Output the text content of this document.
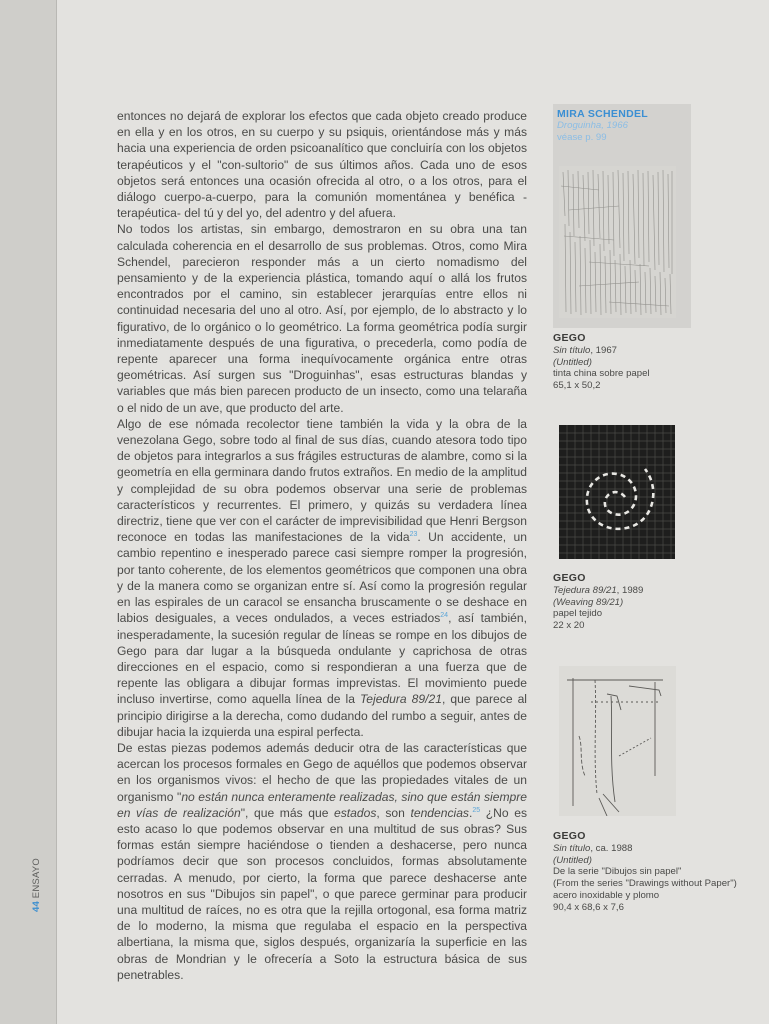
44 ENSAYO

entonces no dejará de explorar los efectos que cada objeto creado produce en ella y en los otros, en su cuerpo y su psiquis, orientándose más y más hacia una experiencia de orden psicoanalítico que concluiría con los objetos terapéuticos y el "con-sultorio" de sus últimos años. Cada uno de esos objetos será entonces una ocasión ofrecida al otro, o a los otros, para el diálogo cuerpo-a-cuerpo, para la comunión momentánea y benéfica -terapéutica- del tú y del yo, del adentro y del afuera.

No todos los artistas, sin embargo, demostraron en su obra una tan calculada coherencia en el desarrollo de sus problemas. Otros, como Mira Schendel, parecieron responder más a un cierto nomadismo del pensamiento y de la experiencia plástica, tomando aquí o allá los frutos encontrados por el camino, sin establecer jerarquías entre ellos ni continuidad necesaria del uno al otro. Así, por ejemplo, de lo abstracto y lo figurativo, de lo orgánico o lo geométrico. La forma geométrica podía surgir inmediatamente después de una figurativa, o precederla, como podía de repente aparecer una forma inequívocamente orgánica entre otras geométricas. Así surgen sus "Droguinhas", esas estructuras blandas y variables que más bien parecen producto de un insecto, como una telaraña o el nido de un ave, que producto del arte.

Algo de ese nómada recolector tiene también la vida y la obra de la venezolana Gego, sobre todo al final de sus días, cuando atesora todo tipo de objetos para integrarlos a sus frágiles estructuras de alambre, como si la geometría en ella germinara dando frutos extraños. En medio de la amplitud y complejidad de su obra podemos observar una serie de problemas característicos y recurrentes. El primero, y quizás su verdadera línea directriz, tiene que ver con el carácter de imprevisibilidad que Henri Bergson reconoce en todas las manifestaciones de la vida$^{23}$. Un accidente, un cambio repentino e inesperado parece casi siempre romper la progresión, por tanto coherente, de los elementos geométricos que componen una obra y de la manera como se organizan entre sí. Así como la progresión regular en las espirales de un caracol se ensancha bruscamente o se deshace en labios desiguales, a veces ondulados, a veces estriados$^{24}$, así también, inesperadamente, la sucesión regular de líneas se rompe en los dibujos de Gego para dar lugar a la búsqueda ondulante y caprichosa de otras direcciones en el espacio, como si respondieran a una fuerza que de repente las obligara a dibujar formas imprevistas. El movimiento puede incluso invertirse, como aquella línea de la Tejedura 89/21, que parece al principio dirigirse a la derecha, como dudando del rumbo a seguir, antes de dibujar hacia la izquierda una espiral perfecta.

De estas piezas podemos además deducir otra de las características que acercan los procesos formales en Gego de aquéllos que podemos observar en los organismos vivos: el hecho de que las propiedades vitales de un organismo "no están nunca enteramente realizadas, sino que están siempre en vías de realización", que más que estados, son tendencias.$^{25}$ ¿No es esto acaso lo que podemos observar en una multitud de sus obras? Sus formas están siempre haciéndose o tienden a deshacerse, pero nunca podríamos decir que son procesos concluidos, formas absolutamente cerradas. A menudo, por cierto, la forma que parece deshacerse ante nosotros en sus "Dibujos sin papel", o que parece germinar para producir una multitud de raíces, no es otra que la rejilla ortogonal, esa forma matriz de lo moderno, la misma que regulaba el espacio en la perspectiva albertiana, la misma que, siglos después, organizaría la superficie en las obras de Mondrian y le ofrecería a Soto la estructura básica de sus penetrables.

MIRA SCHENDEL
Droguinha, 1966
véase p. 99
GEGO
Sin título, 1967
(Untitled)
tinta china sobre papel
65,1 x 50,2
GEGO
Tejedura 89/21, 1989
(Weaving 89/21)
papel tejido
22 x 20
GEGO
Sin título, ca. 1988
(Untitled)
De la serie "Dibujos sin papel"
(From the series "Drawings without Paper")
acero inoxidable y plomo
90,4 x 68,6 x 7,6
